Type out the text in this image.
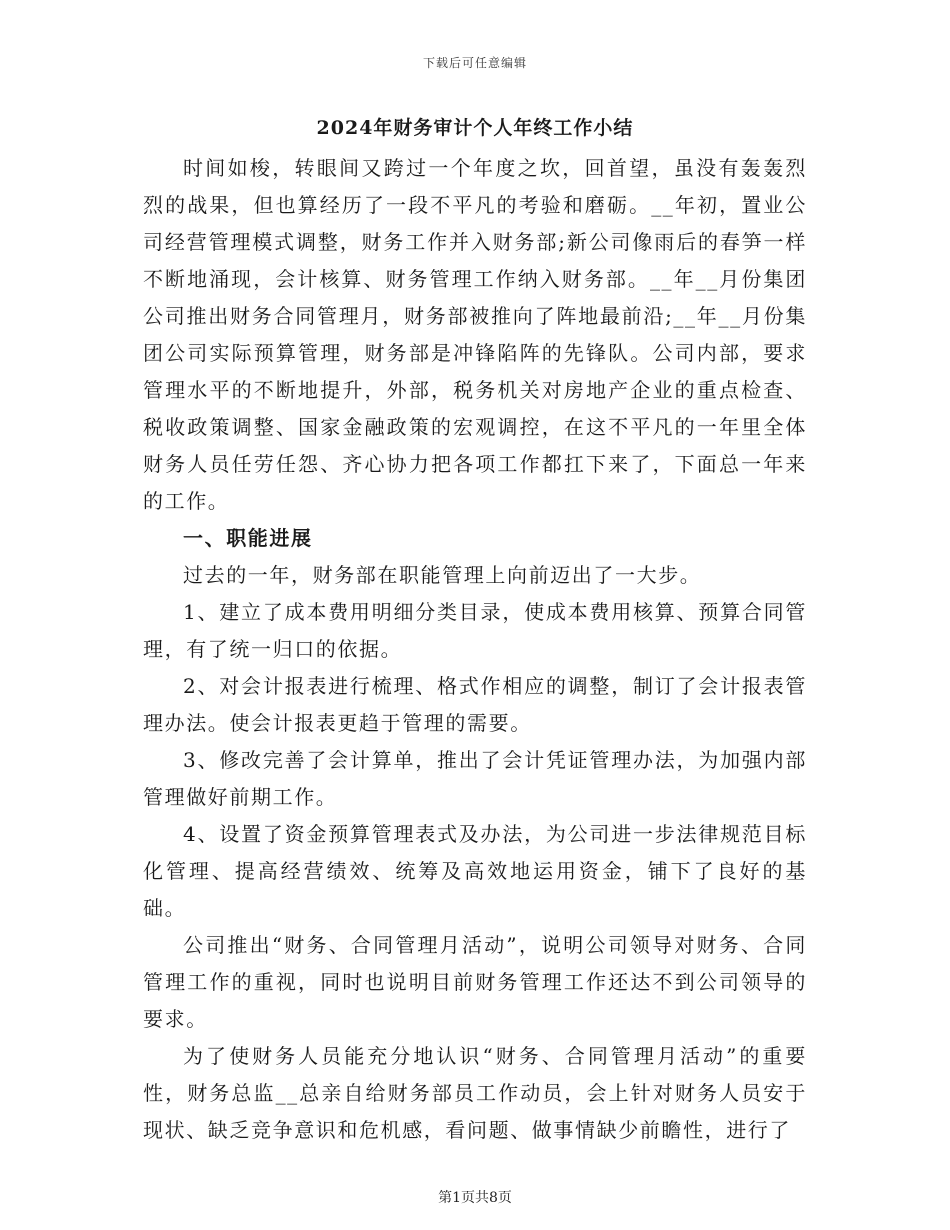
下载后可任意编辑
2024年财务审计个人年终工作小结

时间如梭，转眼间又跨过一个年度之坎，回首望，虽没有轰轰烈烈的战果，但也算经历了一段不平凡的考验和磨砺。__年初，置业公司经营管理模式调整，财务工作并入财务部;新公司像雨后的春笋一样不断地涌现，会计核算、财务管理工作纳入财务部。__年__月份集团公司推出财务合同管理月，财务部被推向了阵地最前沿;__年__月份集团公司实际预算管理，财务部是冲锋陷阵的先锋队。公司内部，要求管理水平的不断地提升，外部，税务机关对房地产企业的重点检查、税收政策调整、国家金融政策的宏观调控，在这不平凡的一年里全体财务人员任劳任怨、齐心协力把各项工作都扛下来了，下面总一年来的工作。

一、职能进展

过去的一年，财务部在职能管理上向前迈出了一大步。

1、建立了成本费用明细分类目录，使成本费用核算、预算合同管理，有了统一归口的依据。

2、对会计报表进行梳理、格式作相应的调整，制订了会计报表管理办法。使会计报表更趋于管理的需要。

3、修改完善了会计算单，推出了会计凭证管理办法，为加强内部管理做好前期工作。

4、设置了资金预算管理表式及办法，为公司进一步法律规范目标化管理、提高经营绩效、统筹及高效地运用资金，铺下了良好的基础。

公司推出“财务、合同管理月活动”，说明公司领导对财务、合同管理工作的重视，同时也说明目前财务管理工作还达不到公司领导的要求。

为了使财务人员能充分地认识“财务、合同管理月活动”的重要性，财务总监__总亲自给财务部员工作动员，会上针对财务人员安于现状、缺乏竞争意识和危机感，看问题、做事情缺少前瞻性，进行了

第1页共8页
